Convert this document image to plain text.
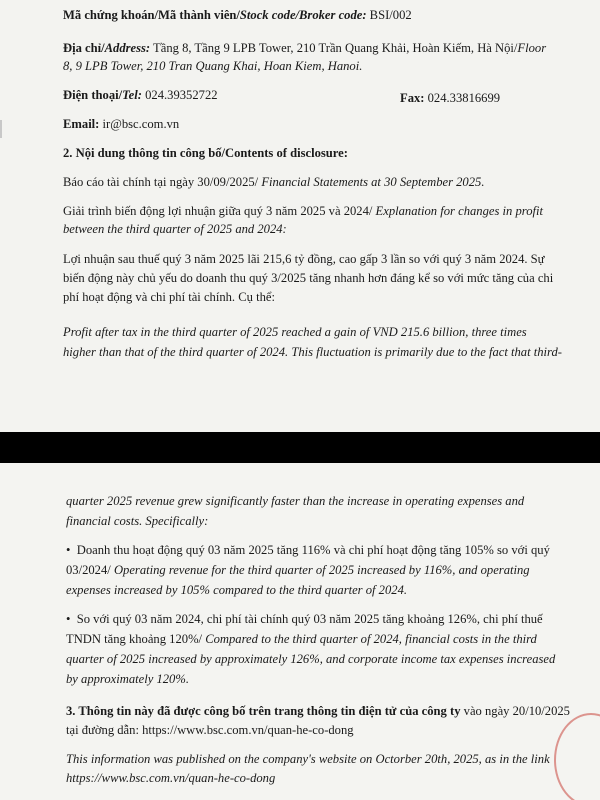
Mã chứng khoán/Mã thành viên/Stock code/Broker code: BSI/002
Địa chỉ/Address: Tầng 8, Tầng 9 LPB Tower, 210 Trần Quang Khải, Hoàn Kiếm, Hà Nội/Floor
8, 9 LPB Tower, 210 Tran Quang Khai, Hoan Kiem, Hanoi.
Điện thoại/Tel: 024.39352722	Fax: 024.33816699
Email: ir@bsc.com.vn
2. Nội dung thông tin công bố/Contents of disclosure:
Báo cáo tài chính tại ngày 30/09/2025/ Financial Statements at 30 September 2025.
Giải trình biến động lợi nhuận giữa quý 3 năm 2025 và 2024/ Explanation for changes in profit
between the third quarter of 2025 and 2024:
Lợi nhuận sau thuế quý 3 năm 2025 lãi 215,6 tỷ đồng, cao gấp 3 lần so với quý 3 năm 2024. Sự
biến động này chủ yếu do doanh thu quý 3/2025 tăng nhanh hơn đáng kể so với mức tăng của chi
phí hoạt động và chi phí tài chính. Cụ thể:
Profit after tax in the third quarter of 2025 reached a gain of VND 215.6 billion, three times
higher than that of the third quarter of 2024. This fluctuation is primarily due to the fact that third-
quarter 2025 revenue grew significantly faster than the increase in operating expenses and
financial costs. Specifically:
• Doanh thu hoạt động quý 03 năm 2025 tăng 116% và chi phí hoạt động tăng 105% so với quý
03/2024/ Operating revenue for the third quarter of 2025 increased by 116%, and operating
expenses increased by 105% compared to the third quarter of 2024.
• So với quý 03 năm 2024, chi phí tài chính quý 03 năm 2025 tăng khoảng 126%, chi phí thuế
TNDN tăng khoảng 120%/ Compared to the third quarter of 2024, financial costs in the third
quarter of 2025 increased by approximately 126%, and corporate income tax expenses increased
by approximately 120%.
3. Thông tin này đã được công bố trên trang thông tin điện tử của công ty vào ngày 20/10/2025
tại đường dẫn: https://www.bsc.com.vn/quan-he-co-dong
This information was published on the company's website on Octorber 20th, 2025, as in the link
https://www.bsc.com.vn/quan-he-co-dong
